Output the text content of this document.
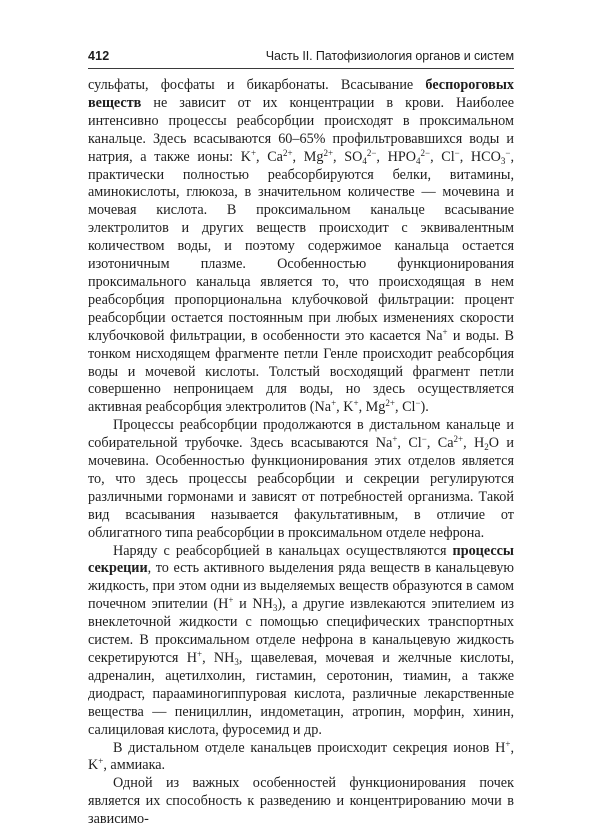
412	Часть II. Патофизиология органов и систем

сульфаты, фосфаты и бикарбонаты. Всасывание беспороговых веществ не зависит от их концентрации в крови. Наиболее интенсивно процессы реабсорбции происходят в проксимальном канальце. Здесь всасываются 60–65% профильтровавшихся воды и натрия, а также ионы: K+, $Ca^{2+}$, $Mg^{2+}$, $SO_4^{2-}$, $HPO_4^{2-}$, Cl−, $HCO_3^-$, практически полностью реабсорбируются белки, витамины, аминокислоты, глюкоза, в значительном количестве — мочевина и мочевая кислота. В проксимальном канальце всасывание электролитов и других веществ происходит с эквивалентным количеством воды, и поэтому содержимое канальца остается изотоничным плазме. Особенностью функционирования проксимального канальца является то, что происходящая в нем реабсорбция пропорциональна клубочковой фильтрации: процент реабсорбции остается постоянным при любых изменениях скорости клубочковой фильтрации, в особенности это касается Na+ и воды. В тонком нисходящем фрагменте петли Генле происходит реабсорбция воды и мочевой кислоты. Толстый восходящий фрагмент петли совершенно непроницаем для воды, но здесь осуществляется активная реабсорбция электролитов (Na+, K+, $Mg^{2+}$, Cl−).

Процессы реабсорбции продолжаются в дистальном канальце и собирательной трубочке. Здесь всасываются Na+, Cl−, $Ca^{2+}$, $H_2O$ и мочевина. Особенностью функционирования этих отделов является то, что здесь процессы реабсорбции и секреции регулируются различными гормонами и зависят от потребностей организма. Такой вид всасывания называется факультативным, в отличие от облигатного типа реабсорбции в проксимальном отделе нефрона.

Наряду с реабсорбцией в канальцах осуществляются процессы секреции, то есть активного выделения ряда веществ в канальцевую жидкость, при этом одни из выделяемых веществ образуются в самом почечном эпителии (H+ и $NH_3$), а другие извлекаются эпителием из внеклеточной жидкости с помощью специфических транспортных систем. В проксимальном отделе нефрона в канальцевую жидкость секретируются H+, $NH_3$, щавелевая, мочевая и желчные кислоты, адреналин, ацетилхолин, гистамин, серотонин, тиамин, а также диодраст, парааминогиппуровая кислота, различные лекарственные вещества — пенициллин, индометацин, атропин, морфин, хинин, салициловая кислота, фуросемид и др.

В дистальном отделе канальцев происходит секреция ионов H+, K+, аммиака.

Одной из важных особенностей функционирования почек является их способность к разведению и концентрированию мочи в зависимо-
